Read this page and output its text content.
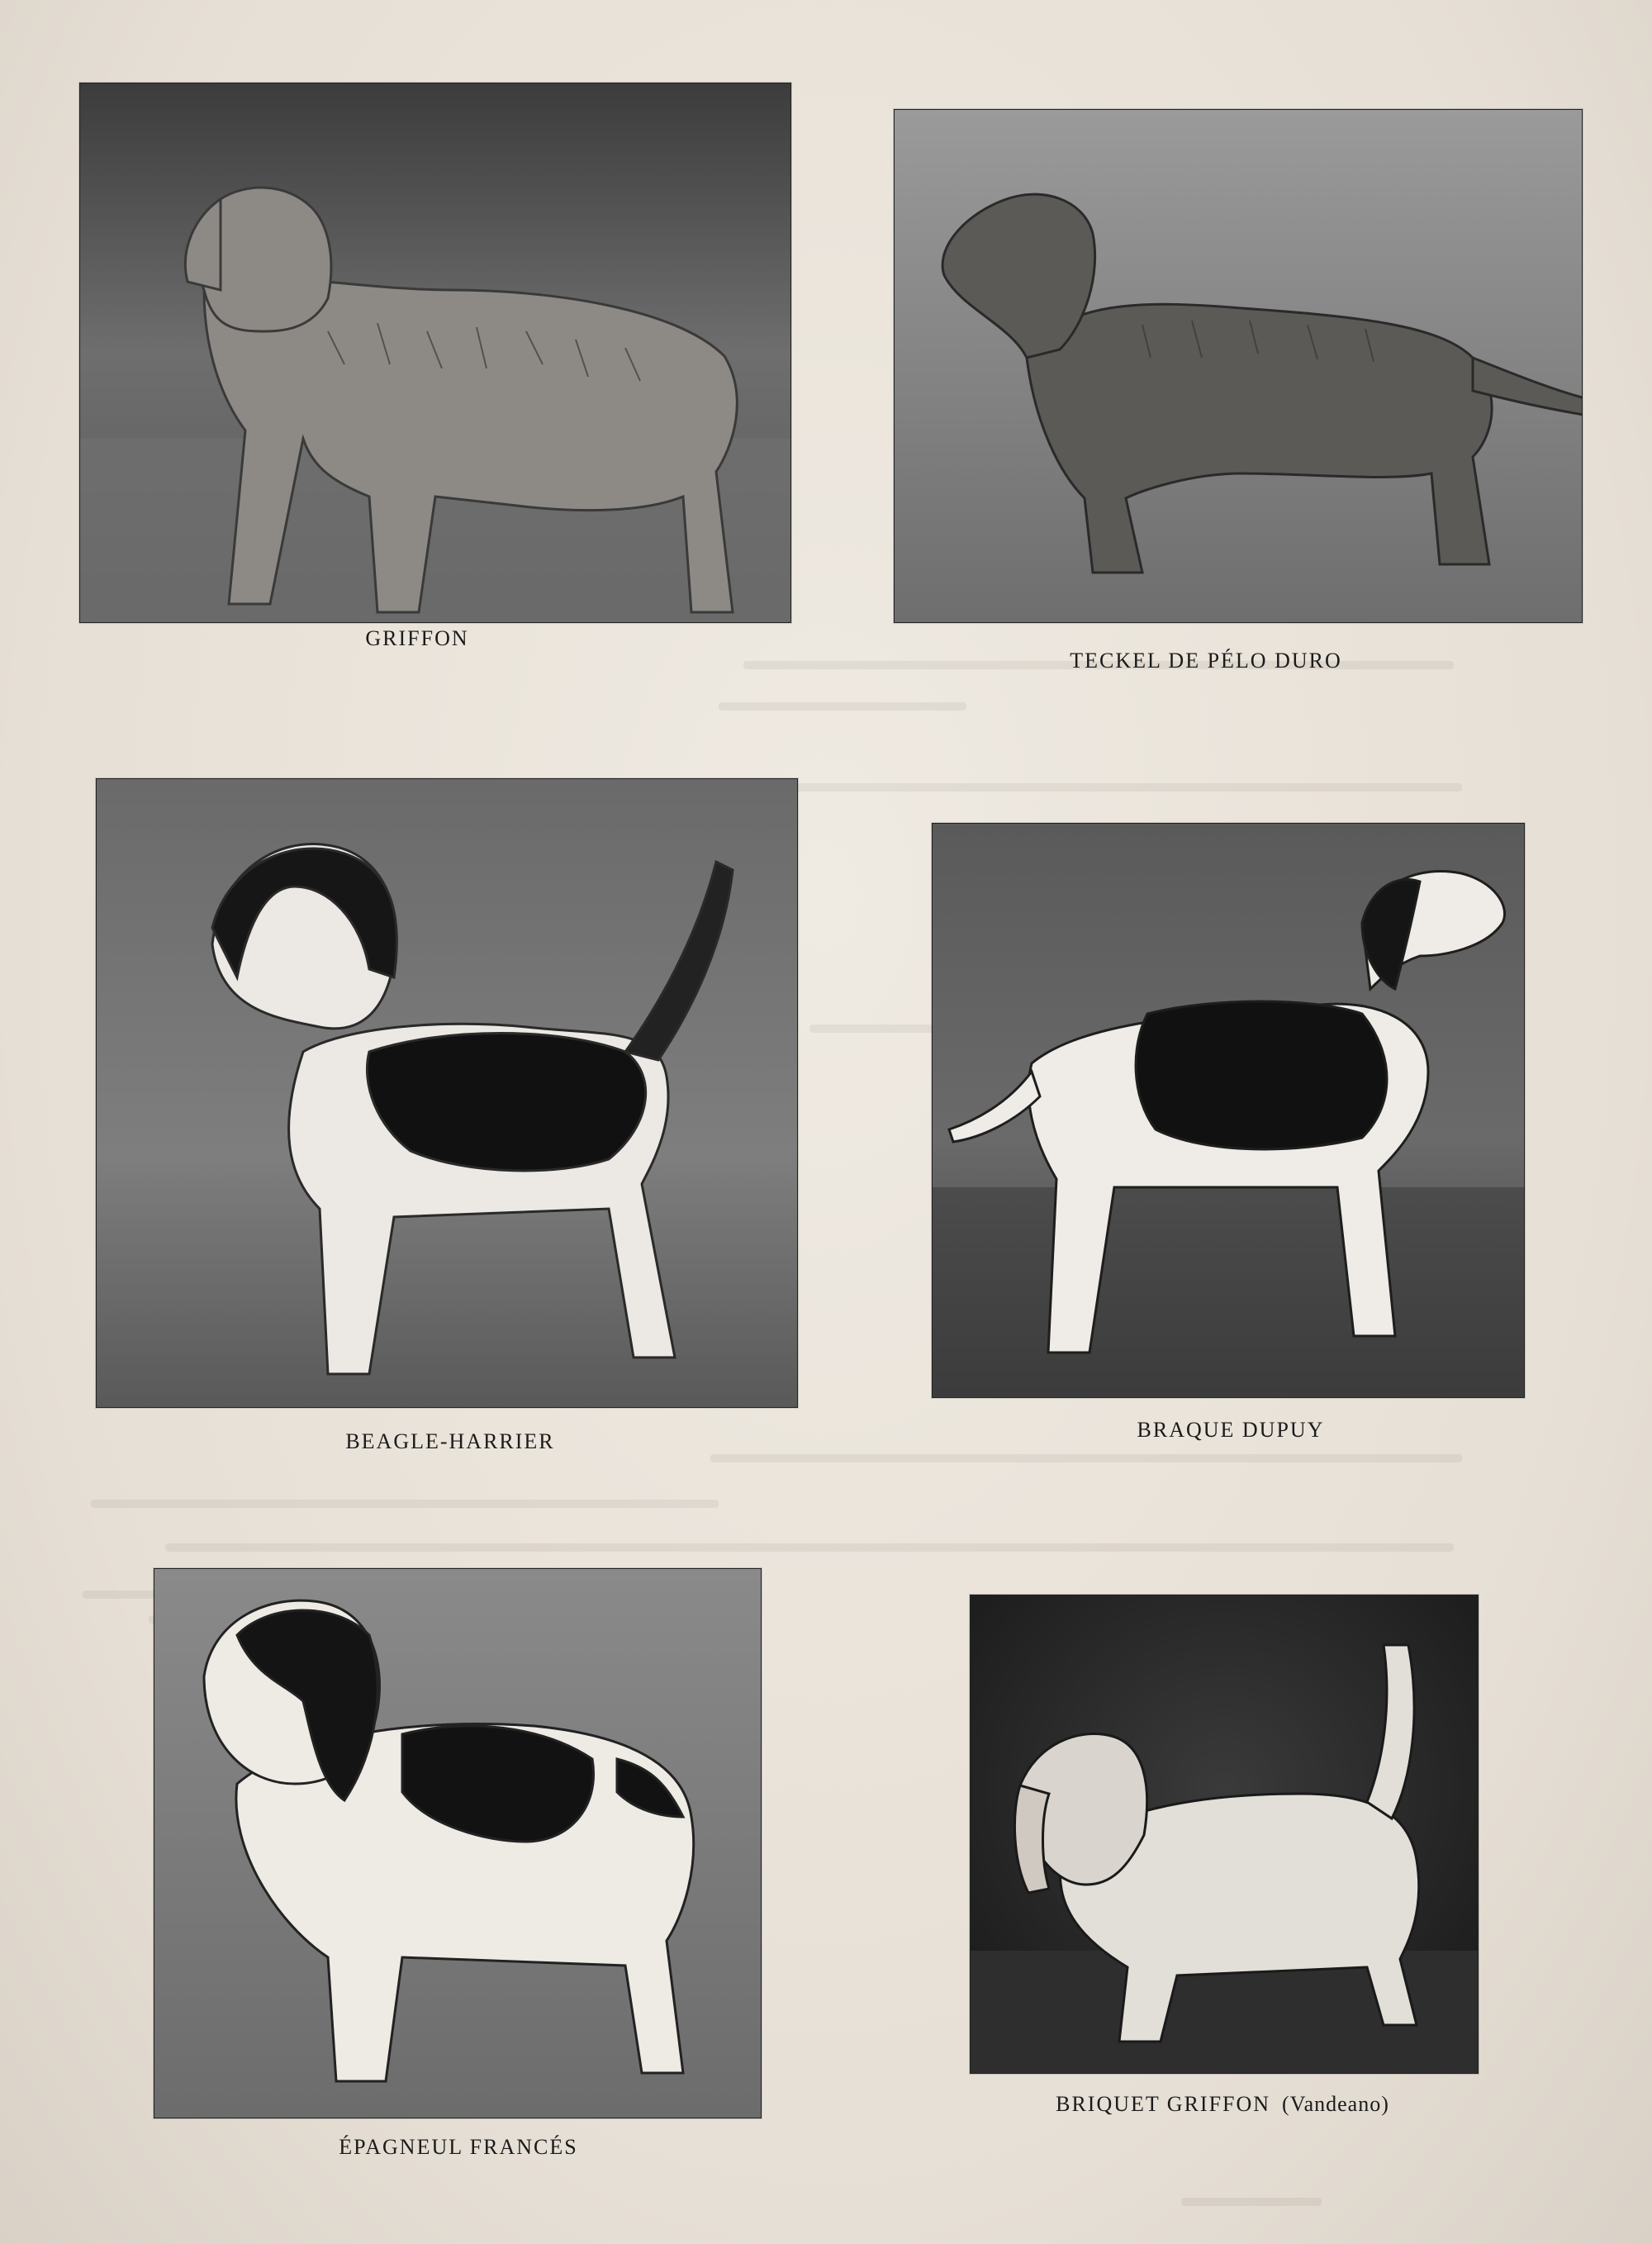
GRIFFON
TECKEL DE PÉLO DURO
BEAGLE-HARRIER	BRAQUE DUPUY
ÉPAGNEUL FRANCÉS
BRIQUET GRIFFON (Vandeano)
